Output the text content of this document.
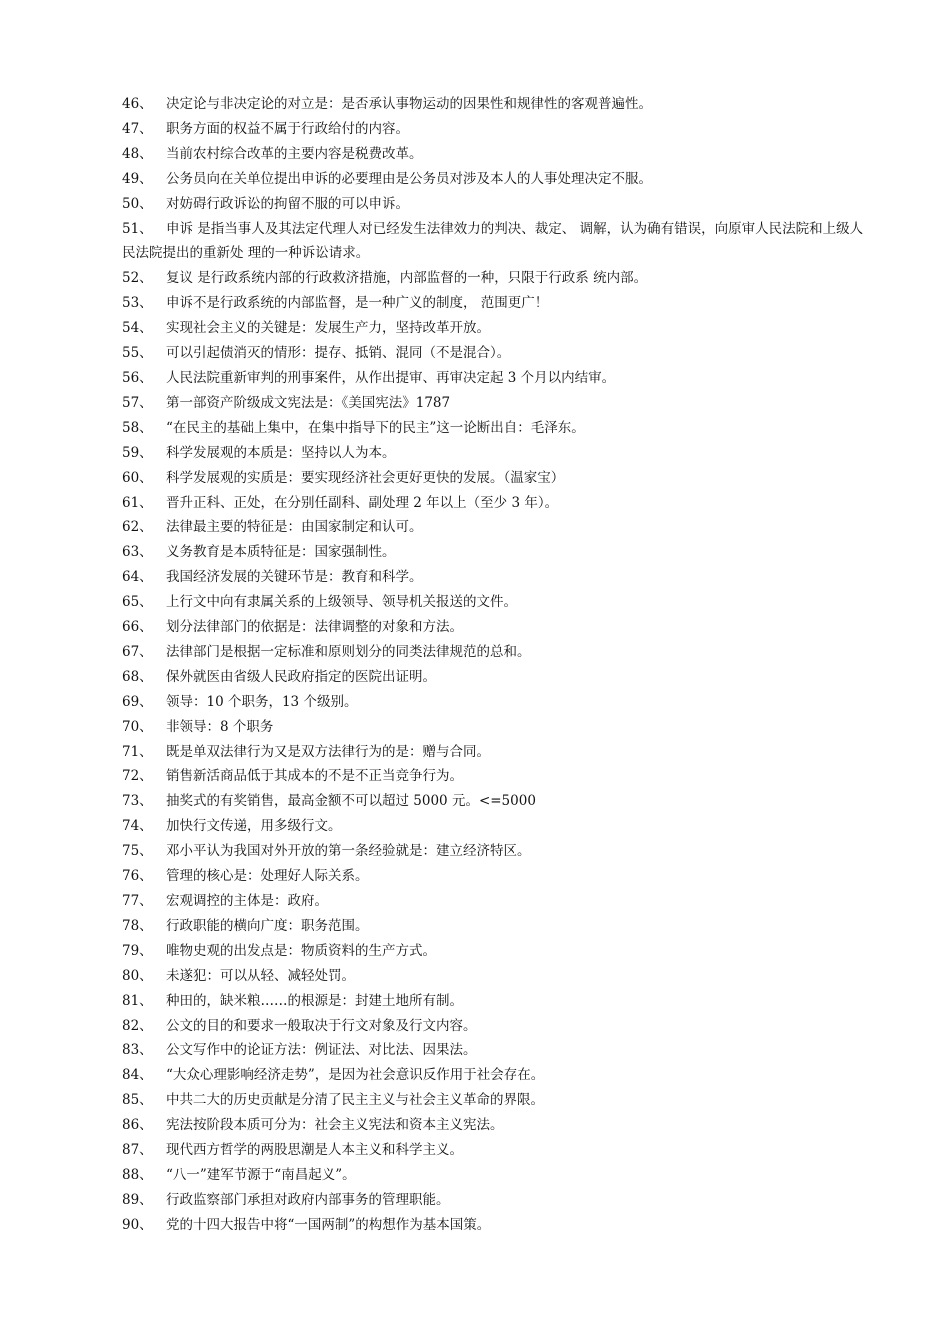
46、 决定论与非决定论的对立是：是否承认事物运动的因果性和规律性的客观普遍性。
47、 职务方面的权益不属于行政给付的内容。
48、 当前农村综合改革的主要内容是税费改革。
49、 公务员向在关单位提出申诉的必要理由是公务员对涉及本人的人事处理决定不服。
50、 对妨碍行政诉讼的拘留不服的可以申诉。
51、 申诉 是指当事人及其法定代理人对已经发生法律效力的判决、裁定、 调解，认为确有错误，向原审人民法院和上级人民法院提出的重新处 理的一种诉讼请求。
52、 复议 是行政系统内部的行政救济措施，内部监督的一种，只限于行政系 统内部。
53、 申诉不是行政系统的内部监督，是一种广义的制度， 范围更广！
54、 实现社会主义的关键是：发展生产力，坚持改革开放。
55、 可以引起债消灭的情形：提存、抵销、混同（不是混合）。
56、 人民法院重新审判的刑事案件，从作出提审、再审决定起 3 个月以内结审。
57、 第一部资产阶级成文宪法是：《美国宪法》1787
58、 “在民主的基础上集中，在集中指导下的民主”这一论断出自：毛泽东。
59、 科学发展观的本质是：坚持以人为本。
60、 科学发展观的实质是：要实现经济社会更好更快的发展。（温家宝）
61、 晋升正科、正处，在分别任副科、副处理 2 年以上（至少 3 年）。
62、 法律最主要的特征是：由国家制定和认可。
63、 义务教育是本质特征是：国家强制性。
64、 我国经济发展的关键环节是：教育和科学。
65、 上行文中向有隶属关系的上级领导、领导机关报送的文件。
66、 划分法律部门的依据是：法律调整的对象和方法。
67、 法律部门是根据一定标准和原则划分的同类法律规范的总和。
68、 保外就医由省级人民政府指定的医院出证明。
69、 领导：10 个职务，13 个级别。
70、 非领导：8 个职务
71、 既是单双法律行为又是双方法律行为的是：赠与合同。
72、 销售新活商品低于其成本的不是不正当竞争行为。
73、 抽奖式的有奖销售，最高金额不可以超过 5000 元。<=5000
74、 加快行文传递，用多级行文。
75、 邓小平认为我国对外开放的第一条经验就是：建立经济特区。
76、 管理的核心是：处理好人际关系。
77、 宏观调控的主体是：政府。
78、 行政职能的横向广度：职务范围。
79、 唯物史观的出发点是：物质资料的生产方式。
80、 未遂犯：可以从轻、减轻处罚。
81、 种田的，缺米粮……的根源是：封建土地所有制。
82、 公文的目的和要求一般取决于行文对象及行文内容。
83、 公文写作中的论证方法：例证法、对比法、因果法。
84、 “大众心理影响经济走势”，是因为社会意识反作用于社会存在。
85、 中共二大的历史贡献是分清了民主主义与社会主义革命的界限。
86、 宪法按阶段本质可分为：社会主义宪法和资本主义宪法。
87、 现代西方哲学的两股思潮是人本主义和科学主义。
88、 “八一”建军节源于“南昌起义”。
89、 行政监察部门承担对政府内部事务的管理职能。
90、 党的十四大报告中将“一国两制”的构想作为基本国策。
